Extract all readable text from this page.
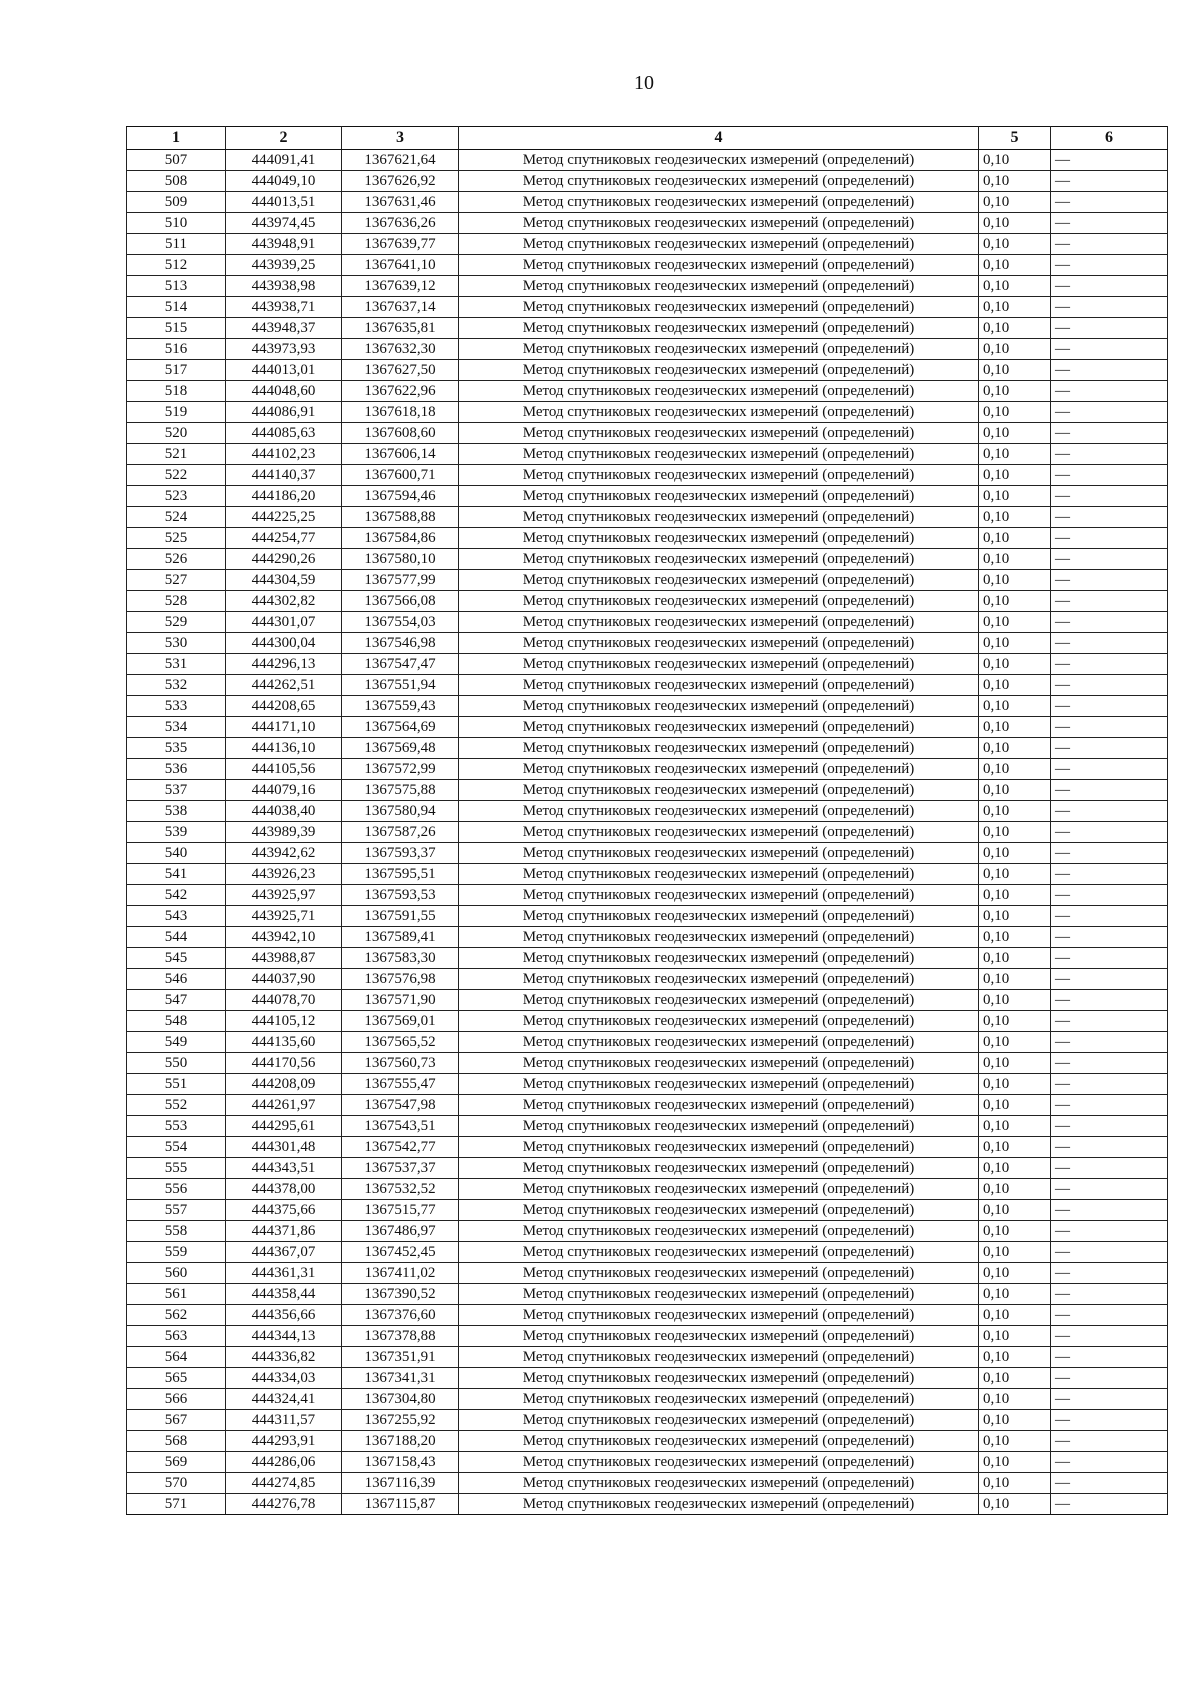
10
1	2	3	4	5	6
507	444091,41	1367621,64	Метод спутниковых геодезических измерений (определений)	0,10	—
508	444049,10	1367626,92	Метод спутниковых геодезических измерений (определений)	0,10	—
509	444013,51	1367631,46	Метод спутниковых геодезических измерений (определений)	0,10	—
510	443974,45	1367636,26	Метод спутниковых геодезических измерений (определений)	0,10	—
511	443948,91	1367639,77	Метод спутниковых геодезических измерений (определений)	0,10	—
512	443939,25	1367641,10	Метод спутниковых геодезических измерений (определений)	0,10	—
513	443938,98	1367639,12	Метод спутниковых геодезических измерений (определений)	0,10	—
514	443938,71	1367637,14	Метод спутниковых геодезических измерений (определений)	0,10	—
515	443948,37	1367635,81	Метод спутниковых геодезических измерений (определений)	0,10	—
516	443973,93	1367632,30	Метод спутниковых геодезических измерений (определений)	0,10	—
517	444013,01	1367627,50	Метод спутниковых геодезических измерений (определений)	0,10	—
518	444048,60	1367622,96	Метод спутниковых геодезических измерений (определений)	0,10	—
519	444086,91	1367618,18	Метод спутниковых геодезических измерений (определений)	0,10	—
520	444085,63	1367608,60	Метод спутниковых геодезических измерений (определений)	0,10	—
521	444102,23	1367606,14	Метод спутниковых геодезических измерений (определений)	0,10	—
522	444140,37	1367600,71	Метод спутниковых геодезических измерений (определений)	0,10	—
523	444186,20	1367594,46	Метод спутниковых геодезических измерений (определений)	0,10	—
524	444225,25	1367588,88	Метод спутниковых геодезических измерений (определений)	0,10	—
525	444254,77	1367584,86	Метод спутниковых геодезических измерений (определений)	0,10	—
526	444290,26	1367580,10	Метод спутниковых геодезических измерений (определений)	0,10	—
527	444304,59	1367577,99	Метод спутниковых геодезических измерений (определений)	0,10	—
528	444302,82	1367566,08	Метод спутниковых геодезических измерений (определений)	0,10	—
529	444301,07	1367554,03	Метод спутниковых геодезических измерений (определений)	0,10	—
530	444300,04	1367546,98	Метод спутниковых геодезических измерений (определений)	0,10	—
531	444296,13	1367547,47	Метод спутниковых геодезических измерений (определений)	0,10	—
532	444262,51	1367551,94	Метод спутниковых геодезических измерений (определений)	0,10	—
533	444208,65	1367559,43	Метод спутниковых геодезических измерений (определений)	0,10	—
534	444171,10	1367564,69	Метод спутниковых геодезических измерений (определений)	0,10	—
535	444136,10	1367569,48	Метод спутниковых геодезических измерений (определений)	0,10	—
536	444105,56	1367572,99	Метод спутниковых геодезических измерений (определений)	0,10	—
537	444079,16	1367575,88	Метод спутниковых геодезических измерений (определений)	0,10	—
538	444038,40	1367580,94	Метод спутниковых геодезических измерений (определений)	0,10	—
539	443989,39	1367587,26	Метод спутниковых геодезических измерений (определений)	0,10	—
540	443942,62	1367593,37	Метод спутниковых геодезических измерений (определений)	0,10	—
541	443926,23	1367595,51	Метод спутниковых геодезических измерений (определений)	0,10	—
542	443925,97	1367593,53	Метод спутниковых геодезических измерений (определений)	0,10	—
543	443925,71	1367591,55	Метод спутниковых геодезических измерений (определений)	0,10	—
544	443942,10	1367589,41	Метод спутниковых геодезических измерений (определений)	0,10	—
545	443988,87	1367583,30	Метод спутниковых геодезических измерений (определений)	0,10	—
546	444037,90	1367576,98	Метод спутниковых геодезических измерений (определений)	0,10	—
547	444078,70	1367571,90	Метод спутниковых геодезических измерений (определений)	0,10	—
548	444105,12	1367569,01	Метод спутниковых геодезических измерений (определений)	0,10	—
549	444135,60	1367565,52	Метод спутниковых геодезических измерений (определений)	0,10	—
550	444170,56	1367560,73	Метод спутниковых геодезических измерений (определений)	0,10	—
551	444208,09	1367555,47	Метод спутниковых геодезических измерений (определений)	0,10	—
552	444261,97	1367547,98	Метод спутниковых геодезических измерений (определений)	0,10	—
553	444295,61	1367543,51	Метод спутниковых геодезических измерений (определений)	0,10	—
554	444301,48	1367542,77	Метод спутниковых геодезических измерений (определений)	0,10	—
555	444343,51	1367537,37	Метод спутниковых геодезических измерений (определений)	0,10	—
556	444378,00	1367532,52	Метод спутниковых геодезических измерений (определений)	0,10	—
557	444375,66	1367515,77	Метод спутниковых геодезических измерений (определений)	0,10	—
558	444371,86	1367486,97	Метод спутниковых геодезических измерений (определений)	0,10	—
559	444367,07	1367452,45	Метод спутниковых геодезических измерений (определений)	0,10	—
560	444361,31	1367411,02	Метод спутниковых геодезических измерений (определений)	0,10	—
561	444358,44	1367390,52	Метод спутниковых геодезических измерений (определений)	0,10	—
562	444356,66	1367376,60	Метод спутниковых геодезических измерений (определений)	0,10	—
563	444344,13	1367378,88	Метод спутниковых геодезических измерений (определений)	0,10	—
564	444336,82	1367351,91	Метод спутниковых геодезических измерений (определений)	0,10	—
565	444334,03	1367341,31	Метод спутниковых геодезических измерений (определений)	0,10	—
566	444324,41	1367304,80	Метод спутниковых геодезических измерений (определений)	0,10	—
567	444311,57	1367255,92	Метод спутниковых геодезических измерений (определений)	0,10	—
568	444293,91	1367188,20	Метод спутниковых геодезических измерений (определений)	0,10	—
569	444286,06	1367158,43	Метод спутниковых геодезических измерений (определений)	0,10	—
570	444274,85	1367116,39	Метод спутниковых геодезических измерений (определений)	0,10	—
571	444276,78	1367115,87	Метод спутниковых геодезических измерений (определений)	0,10	—
